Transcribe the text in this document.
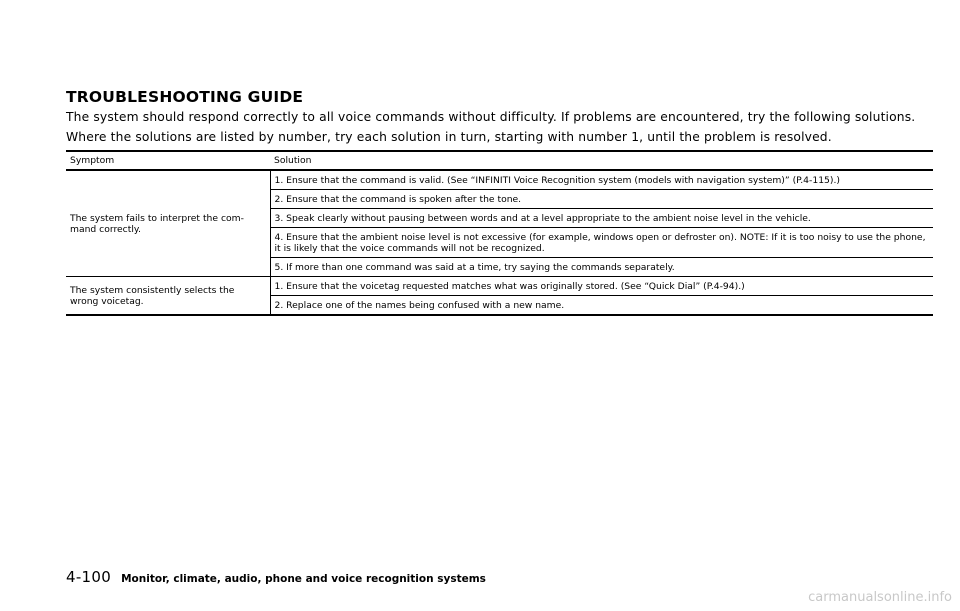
TROUBLESHOOTING GUIDE
The system should respond correctly to all voice commands without difficulty. If problems are encountered, try the following solutions.
Where the solutions are listed by number, try each solution in turn, starting with number 1, until the problem is resolved.
Symptom	Solution
The system fails to interpret the com-
mand correctly.	1. Ensure that the command is valid. (See “INFINITI Voice Recognition system (models with navigation system)” (P.4-115).)
	2. Ensure that the command is spoken after the tone.
	3. Speak clearly without pausing between words and at a level appropriate to the ambient noise level in the vehicle.
	4. Ensure that the ambient noise level is not excessive (for example, windows open or defroster on). NOTE: If it is too noisy to use the phone, it is likely that the voice commands will not be recognized.
	5. If more than one command was said at a time, try saying the commands separately.
The system consistently selects the
wrong voicetag.	1. Ensure that the voicetag requested matches what was originally stored. (See “Quick Dial” (P.4-94).)
	2. Replace one of the names being confused with a new name.
4-100 Monitor, climate, audio, phone and voice recognition systems
carmanualsonline.info
